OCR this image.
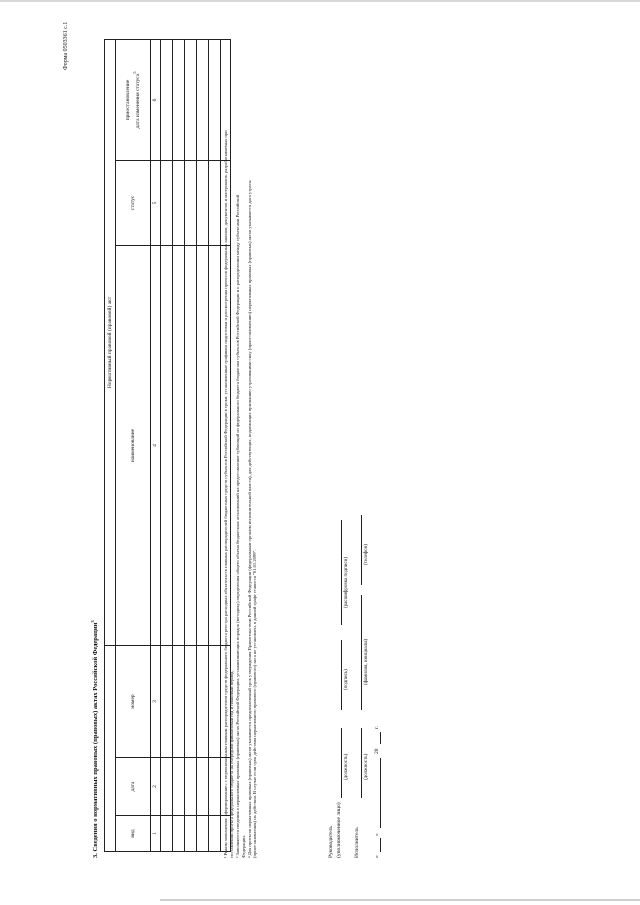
Форма 0503361 с.1
3. Сведения о нормативных правовых (правовых) актах Российской Федерации$^3$
			Нормативный правовой (правовой) акт		
вид	дата	номер	наименование	статус	приостановление дата изменения статуса$^5$

1	2	3	4	5	6

¹ Режим заполнения: «формирование» с первоначальным главным распорядителем средств федерального бюджета реестра расходных обязательств главных распорядителей бюджетных средств субъектов Российской Федерации в сроки, установленные графиком подготовки и рассмотрения проектов федеральных законов, документов и материалов, разрабатываемых при составлении проекта федерального бюджета на очередной финансовый год и плановый период. ³ Заполняются сведения о нормативных правовых (правовых) актах Российской Федерации, устанавливающих порядок (методику) определения общего объема бюджетных ассигнований на предоставление субвенций из федерального бюджета бюджетам субъектов Российской Федерации и о распределении между субъектами Российской Федерации. ⁴ Для проектов нормативных правовых (правовых) актов указывается предполагаемый срок утверждения Правительством Российской Федерации (федеральным органом исполнительной власти), для действующих, подлежащих признанию утратившими силу (приостановлению) нормативных правовых (правовых) актов указывается дата утраты (приостановления) их действия. В случае если срок действия нормативного правового (правового) акта не установлен, в данной графе ставится "01.01.2099".	Руководитель (уполномоченное лицо)
(должность)
(подпись)
(расшифровка подписи)
Исполнитель
(должность)
(фамилия, инициалы)
(телефон)
«
»
20
г.
